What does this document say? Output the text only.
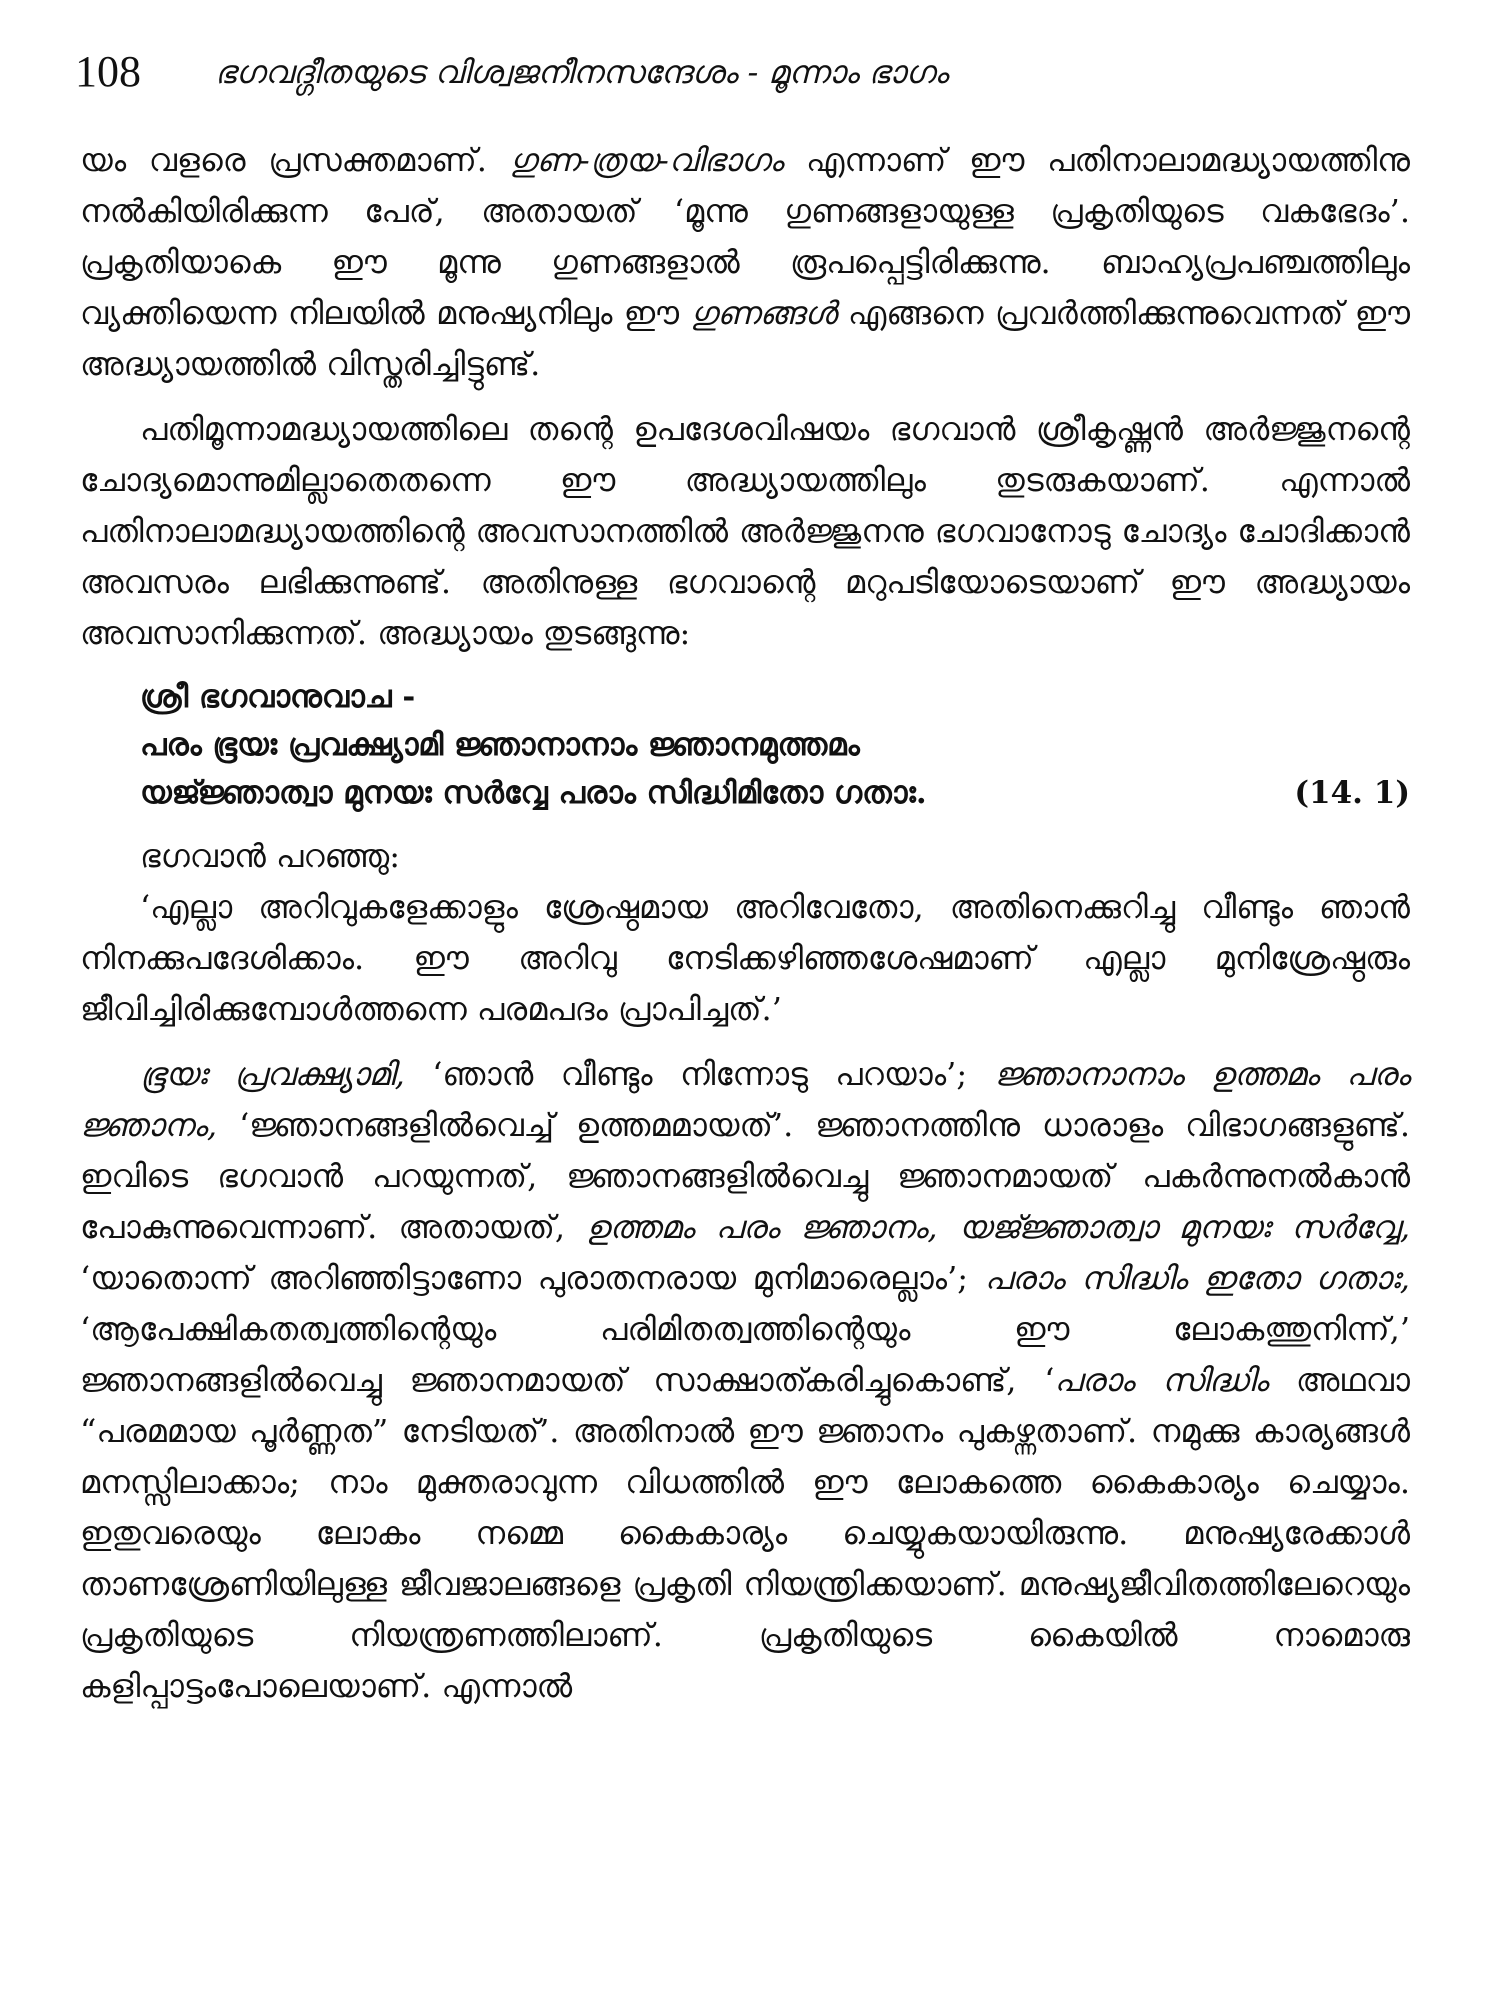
108 ഭഗവദ്ഗീതയുടെ വിശ്വജനീനസന്ദേശം - മൂന്നാം ഭാഗം

യം വളരെ പ്രസക്തമാണ്. ഗുണ-ത്രയ-വിഭാഗം എന്നാണ് ഈ പതിനാലാമദ്ധ്യായത്തിനു നൽകിയിരിക്കുന്ന പേര്, അതായത് ‘മൂന്നു ഗുണങ്ങളായുള്ള പ്രകൃതിയുടെ വകഭേദം’. പ്രകൃതിയാകെ ഈ മൂന്നു ഗുണങ്ങളാൽ രൂപപ്പെട്ടിരിക്കുന്നു. ബാഹ്യപ്രപഞ്ചത്തിലും വ്യക്തിയെന്ന നിലയിൽ മനുഷ്യനിലും ഈ ഗുണങ്ങൾ എങ്ങനെ പ്രവർത്തിക്കുന്നുവെന്നത് ഈ അദ്ധ്യായത്തിൽ വിസ്തരിച്ചിട്ടുണ്ട്.

പതിമൂന്നാമദ്ധ്യായത്തിലെ തന്റെ ഉപദേശവിഷയം ഭഗവാൻ ശ്രീകൃഷ്ണൻ അർജ്ജുനന്റെ ചോദ്യമൊന്നുമില്ലാതെതന്നെ ഈ അദ്ധ്യായത്തിലും തുടരുകയാണ്. എന്നാൽ പതിനാലാമദ്ധ്യായത്തിന്റെ അവസാനത്തിൽ അർജ്ജുനനു ഭഗവാനോടു ചോദ്യം ചോദിക്കാൻ അവസരം ലഭിക്കുന്നുണ്ട്. അതിനുള്ള ഭഗവാന്റെ മറുപടിയോടെയാണ് ഈ അദ്ധ്യായം അവസാനിക്കുന്നത്. അദ്ധ്യായം തുടങ്ങുന്നു:

ശ്രീ ഭഗവാനുവാച -
പരം ഭൂയഃ പ്രവക്ഷ്യാമി ജ്ഞാനാനാം ജ്ഞാനമുത്തമം
യജ്ജ്ഞാത്വാ മുനയഃ സർവ്വേ പരാം സിദ്ധിമിതോ ഗതാഃ.	(14. 1)

ഭഗവാൻ പറഞ്ഞു:

‘എല്ലാ അറിവുകളേക്കാളും ശ്രേഷ്ഠമായ അറിവേതോ, അതിനെക്കുറിച്ചു വീണ്ടും ഞാൻ നിനക്കുപദേശിക്കാം. ഈ അറിവു നേടിക്കഴിഞ്ഞശേഷമാണ് എല്ലാ മുനിശ്രേഷ്ഠരും ജീവിച്ചിരിക്കുമ്പോൾത്തന്നെ പരമപദം പ്രാപിച്ചത്.’

ഭൂയഃ പ്രവക്ഷ്യാമി, ‘ഞാൻ വീണ്ടും നിന്നോടു പറയാം’; ജ്ഞാനാനാം ഉത്തമം പരം ജ്ഞാനം, ‘ജ്ഞാനങ്ങളിൽവെച്ച് ഉത്തമമായത്’. ജ്ഞാനത്തിനു ധാരാളം വിഭാഗങ്ങളുണ്ട്. ഇവിടെ ഭഗവാൻ പറയുന്നത്, ജ്ഞാനങ്ങളിൽവെച്ചു ജ്ഞാനമായത് പകർന്നുനൽകാൻ പോകുന്നുവെന്നാണ്. അതായത്, ഉത്തമം പരം ജ്ഞാനം, യജ്ജ്ഞാത്വാ മുനയഃ സർവ്വേ, ‘യാതൊന്ന് അറിഞ്ഞിട്ടാണോ പുരാതനരായ മുനിമാരെല്ലാം’; പരാം സിദ്ധിം ഇതോ ഗതാഃ, ‘ആപേക്ഷികതത്വത്തിന്റെയും പരിമിതത്വത്തിന്റെയും ഈ ലോകത്തുനിന്ന്,’ ജ്ഞാനങ്ങളിൽവെച്ചു ജ്ഞാനമായത് സാക്ഷാത്കരിച്ചുകൊണ്ട്, ‘പരാം സിദ്ധിം അഥവാ “പരമമായ പൂർണ്ണത” നേടിയത്’. അതിനാൽ ഈ ജ്ഞാനം പുകഴ്ന്നതാണ്. നമുക്കു കാര്യങ്ങൾ മനസ്സിലാക്കാം; നാം മുക്തരാവുന്ന വിധത്തിൽ ഈ ലോകത്തെ കൈകാര്യം ചെയ്യാം. ഇതുവരെയും ലോകം നമ്മെ കൈകാര്യം ചെയ്യുകയായിരുന്നു. മനുഷ്യരേക്കാൾ താണശ്രേണിയിലുള്ള ജീവജാലങ്ങളെ പ്രകൃതി നിയന്ത്രിക്കയാണ്. മനുഷ്യജീവിതത്തിലേറെയും പ്രകൃതിയുടെ നിയന്ത്രണത്തിലാണ്. പ്രകൃതിയുടെ കൈയിൽ നാമൊരു കളിപ്പാട്ടംപോലെയാണ്. എന്നാൽ
